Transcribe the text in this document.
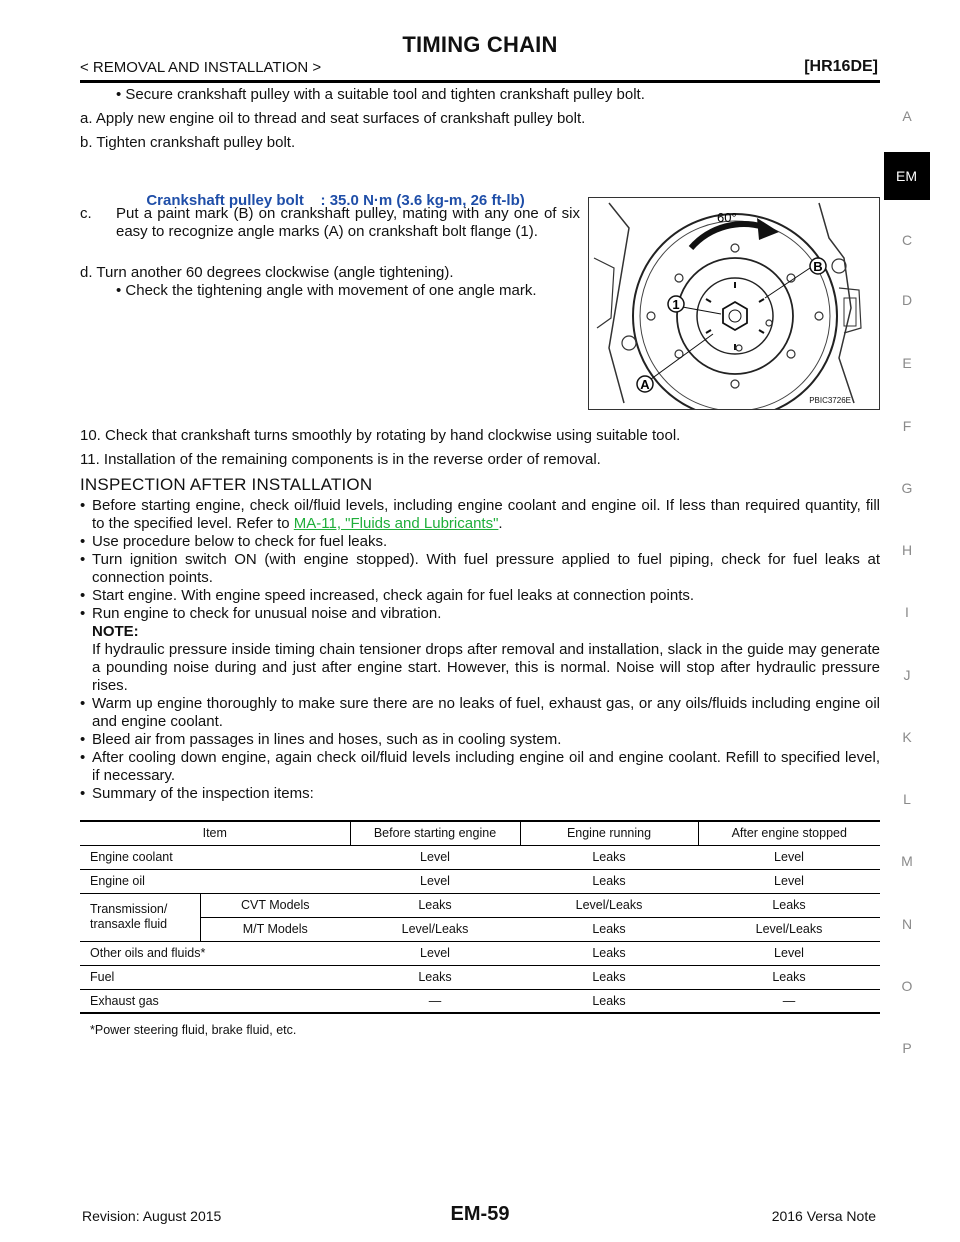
TIMING CHAIN
< REMOVAL AND INSTALLATION >	[HR16DE]
A
EM
C
D
E
F
G
H
I
J
K
L
M
N
O
P
• Secure crankshaft pulley with a suitable tool and tighten crankshaft pulley bolt.
a. Apply new engine oil to thread and seat surfaces of crankshaft pulley bolt.
b. Tighten crankshaft pulley bolt.

Crankshaft pulley bolt : 35.0 N·m (3.6 kg-m, 26 ft-lb)

c. Put a paint mark (B) on crankshaft pulley, mating with any one of six easy to recognize angle marks (A) on crankshaft bolt flange (1).
d. Turn another 60 degrees clockwise (angle tightening).
• Check the tightening angle with movement of one angle mark.
1
B
A
60°
PBIC3726E
10. Check that crankshaft turns smoothly by rotating by hand clockwise using suitable tool.
11. Installation of the remaining components is in the reverse order of removal.
INSPECTION AFTER INSTALLATION
• Before starting engine, check oil/fluid levels, including engine coolant and engine oil. If less than required quantity, fill to the specified level. Refer to MA-11, "Fluids and Lubricants".
• Use procedure below to check for fuel leaks.
• Turn ignition switch ON (with engine stopped). With fuel pressure applied to fuel piping, check for fuel leaks at connection points.
• Start engine. With engine speed increased, check again for fuel leaks at connection points.
• Run engine to check for unusual noise and vibration.
NOTE:
If hydraulic pressure inside timing chain tensioner drops after removal and installation, slack in the guide may generate a pounding noise during and just after engine start. However, this is normal. Noise will stop after hydraulic pressure rises.
• Warm up engine thoroughly to make sure there are no leaks of fuel, exhaust gas, or any oils/fluids including engine oil and engine coolant.
• Bleed air from passages in lines and hoses, such as in cooling system.
• After cooling down engine, again check oil/fluid levels including engine oil and engine coolant. Refill to specified level, if necessary.
• Summary of the inspection items:
Item		Before starting engine	Engine running	After engine stopped
Engine coolant		Level	Leaks	Level
Engine oil		Level	Leaks	Level
Transmission/
transaxle fluid	CVT Models	Leaks	Level/Leaks	Leaks
	M/T Models	Level/Leaks	Leaks	Level/Leaks
Other oils and fluids*		Level	Leaks	Level
Fuel		Leaks	Leaks	Leaks
Exhaust gas		—	Leaks	—
*Power steering fluid, brake fluid, etc.
Revision: August 2015	EM-59	2016 Versa Note
